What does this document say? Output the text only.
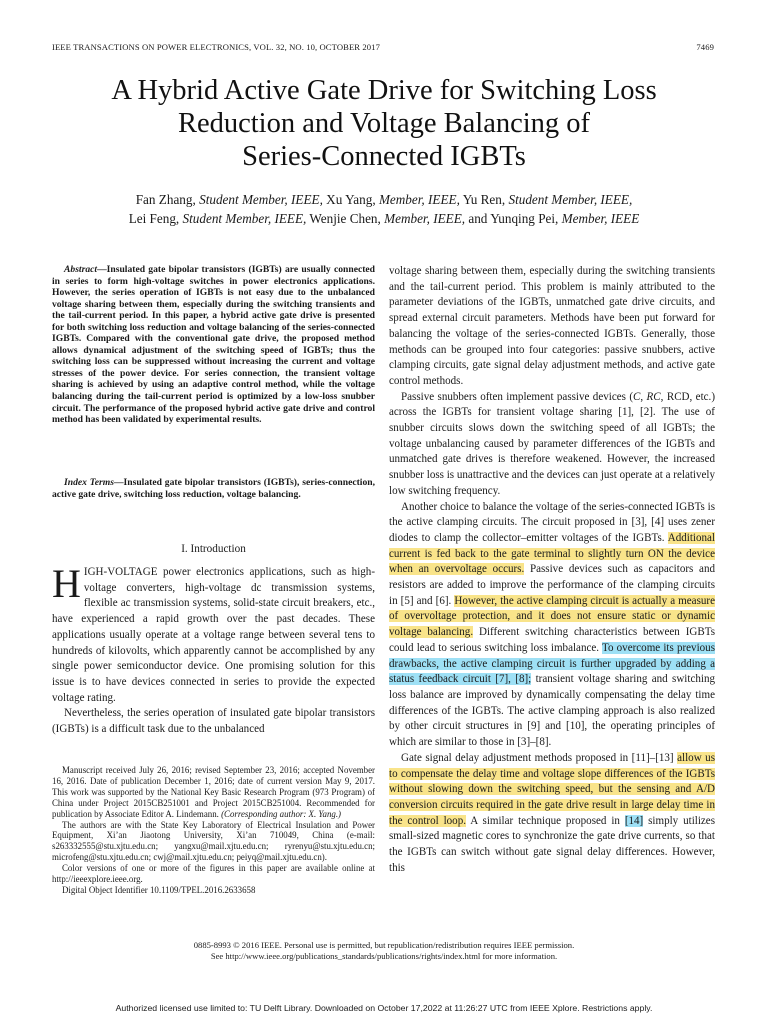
IEEE TRANSACTIONS ON POWER ELECTRONICS, VOL. 32, NO. 10, OCTOBER 2017	7469
A Hybrid Active Gate Drive for Switching Loss
Reduction and Voltage Balancing of
Series-Connected IGBTs
Fan Zhang, Student Member, IEEE, Xu Yang, Member, IEEE, Yu Ren, Student Member, IEEE,
Lei Feng, Student Member, IEEE, Wenjie Chen, Member, IEEE, and Yunqing Pei, Member, IEEE

Abstract—Insulated gate bipolar transistors (IGBTs) are usually connected in series to form high-voltage switches in power electronics applications. However, the series operation of IGBTs is not easy due to the unbalanced voltage sharing between them, especially during the switching transients and the tail-current period. In this paper, a hybrid active gate drive is presented for both switching loss reduction and voltage balancing of the series-connected IGBTs. Compared with the conventional gate drive, the proposed method allows dynamical adjustment of the switching speed of IGBTs; thus the switching loss can be suppressed without increasing the current and voltage stresses of the power device. For series connection, the transient voltage sharing is achieved by using an adaptive control method, while the voltage balancing during the tail-current period is optimized by a low-loss snubber circuit. The performance of the proposed hybrid active gate drive and control method has been validated by experimental results.

Index Terms—Insulated gate bipolar transistors (IGBTs), series-connection, active gate drive, switching loss reduction, voltage balancing.

I. Introduction

HIGH-VOLTAGE power electronics applications, such as high-voltage converters, high-voltage dc transmission systems, flexible ac transmission systems, solid-state circuit breakers, etc., have experienced a rapid growth over the past decades. These applications usually operate at a voltage range between several tens to hundreds of kilovolts, which apparently cannot be accomplished by any single power semiconductor device. One promising solution for this issue is to have devices connected in series to provide the expected voltage rating.

Nevertheless, the series operation of insulated gate bipolar transistors (IGBTs) is a difficult task due to the unbalanced

Manuscript received July 26, 2016; revised September 23, 2016; accepted November 16, 2016. Date of publication December 1, 2016; date of current version May 9, 2017. This work was supported by the National Key Basic Research Program (973 Program) of China under Project 2015CB251001 and Project 2015CB251004. Recommended for publication by Associate Editor A. Lindemann. (Corresponding author: X. Yang.)

The authors are with the State Key Laboratory of Electrical Insulation and Power Equipment, Xi’an Jiaotong University, Xi’an 710049, China (e-mail: s263332555@stu.xjtu.edu.cn; yangxu@mail.xjtu.edu.cn; ryrenyu@stu.xjtu.edu.cn; microfeng@stu.xjtu.edu.cn; cwj@mail.xjtu.edu.cn; peiyq@mail.xjtu.edu.cn).

Color versions of one or more of the figures in this paper are available online at http://ieeexplore.ieee.org.

Digital Object Identifier 10.1109/TPEL.2016.2633658

voltage sharing between them, especially during the switching transients and the tail-current period. This problem is mainly attributed to the parameter deviations of the IGBTs, unmatched gate drive circuits, and spread external circuit parameters. Methods have been put forward for balancing the voltage of the series-connected IGBTs. Generally, those methods can be grouped into four categories: passive snubbers, active clamping circuits, gate signal delay adjustment methods, and active gate control methods.

Passive snubbers often implement passive devices (C, RC, RCD, etc.) across the IGBTs for transient voltage sharing [1], [2]. The use of snubber circuits slows down the switching speed of all IGBTs; the voltage unbalancing caused by parameter differences of the IGBTs and unmatched gate drives is therefore weakened. However, the increased snubber loss is unattractive and the devices can just operate at a relatively low switching frequency.

Another choice to balance the voltage of the series-connected IGBTs is the active clamping circuits. The circuit proposed in [3], [4] uses zener diodes to clamp the collector–emitter voltages of the IGBTs. Additional current is fed back to the gate terminal to slightly turn ON the device when an overvoltage occurs. Passive devices such as capacitors and resistors are added to improve the performance of the clamping circuits in [5] and [6]. However, the active clamping circuit is actually a measure of overvoltage protection, and it does not ensure static or dynamic voltage balancing. Different switching characteristics between IGBTs could lead to serious switching loss imbalance. To overcome its previous drawbacks, the active clamping circuit is further upgraded by adding a status feedback circuit [7], [8]; transient voltage sharing and switching loss balance are improved by dynamically compensating the delay time differences of the IGBTs. The active clamping approach is also realized by other circuit structures in [9] and [10], the operating principles of which are similar to those in [3]–[8].

Gate signal delay adjustment methods proposed in [11]–[13] allow us to compensate the delay time and voltage slope differences of the IGBTs without slowing down the switching speed, but the sensing and A/D conversion circuits required in the gate drive result in large delay time in the control loop. A similar technique proposed in [14] simply utilizes small-sized magnetic cores to synchronize the gate drive currents, so that the IGBTs can switch without gate signal delay differences. However, this

0885-8993 © 2016 IEEE. Personal use is permitted, but republication/redistribution requires IEEE permission.
See http://www.ieee.org/publications_standards/publications/rights/index.html for more information.
Authorized licensed use limited to: TU Delft Library. Downloaded on October 17,2022 at 11:26:27 UTC from IEEE Xplore. Restrictions apply.
